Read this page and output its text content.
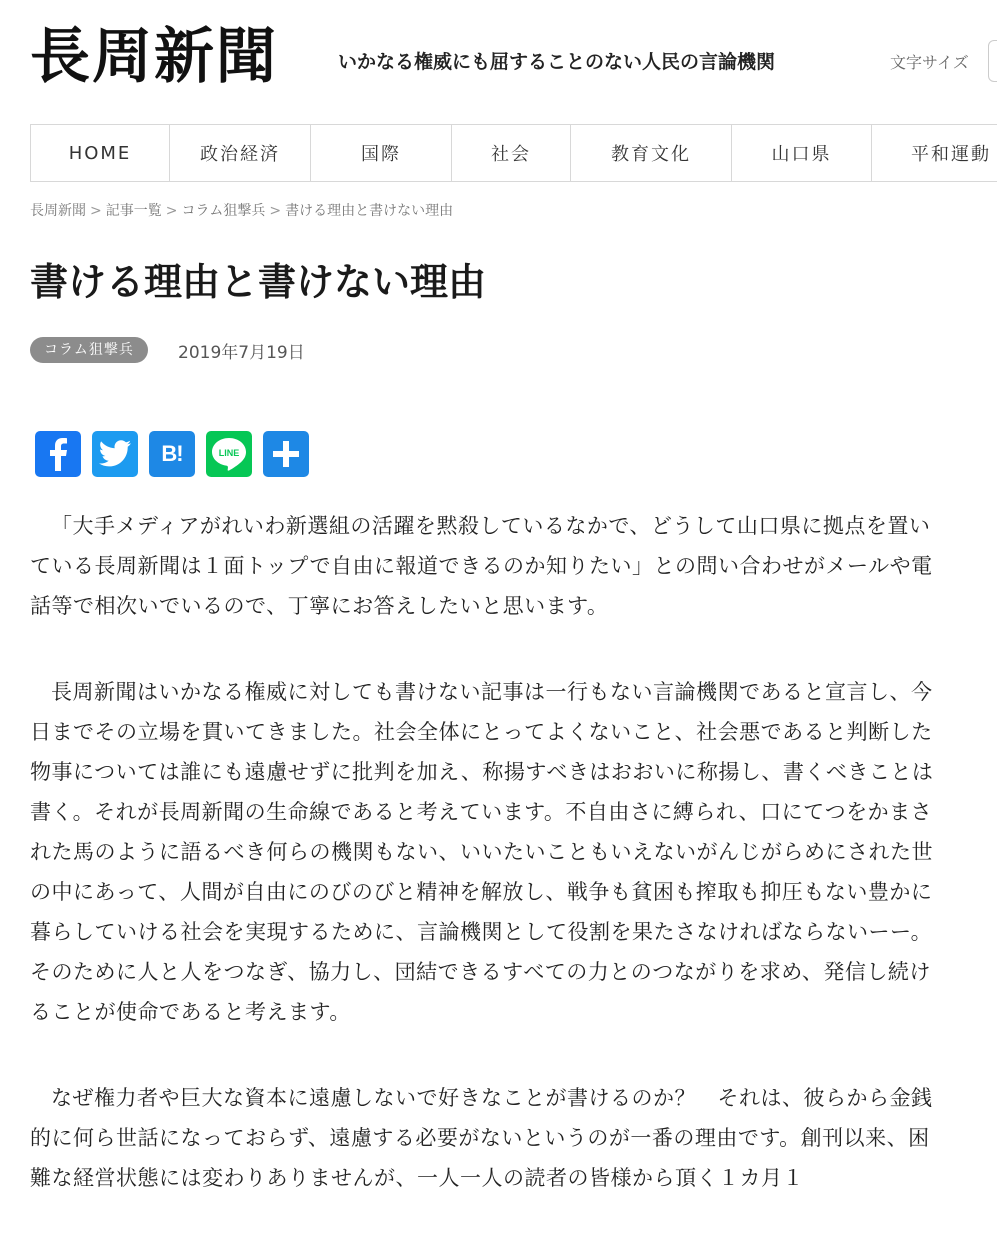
長周新聞	いかなる権威にも屈することのない人民の言論機関	文字サイズ
HOME	政治経済	国際	社会	教育文化	山口県	平和運動
長周新聞 > 記事一覧 > コラム狙撃兵 > 書ける理由と書けない理由
書ける理由と書けない理由
コラム狙撃兵	2019年7月19日
B!	LINE

「大手メディアがれいわ新選組の活躍を黙殺しているなかで、どうして山口県に拠点を置いている長周新聞は１面トップで自由に報道できるのか知りたい」との問い合わせがメールや電話等で相次いでいるので、丁寧にお答えしたいと思います。

長周新聞はいかなる権威に対しても書けない記事は一行もない言論機関であると宣言し、今日までその立場を貫いてきました。社会全体にとってよくないこと、社会悪であると判断した物事については誰にも遠慮せずに批判を加え、称揚すべきはおおいに称揚し、書くべきことは書く。それが長周新聞の生命線であると考えています。不自由さに縛られ、口にてつをかまされた馬のように語るべき何らの機関もない、いいたいこともいえないがんじがらめにされた世の中にあって、人間が自由にのびのびと精神を解放し、戦争も貧困も搾取も抑圧もない豊かに暮らしていける社会を実現するために、言論機関として役割を果たさなければならないーー。そのために人と人をつなぎ、協力し、団結できるすべての力とのつながりを求め、発信し続けることが使命であると考えます。

なぜ権力者や巨大な資本に遠慮しないで好きなことが書けるのか？　それは、彼らから金銭的に何ら世話になっておらず、遠慮する必要がないというのが一番の理由です。創刊以来、困難な経営状態には変わりありませんが、一人一人の読者の皆様から頂く１カ月１
